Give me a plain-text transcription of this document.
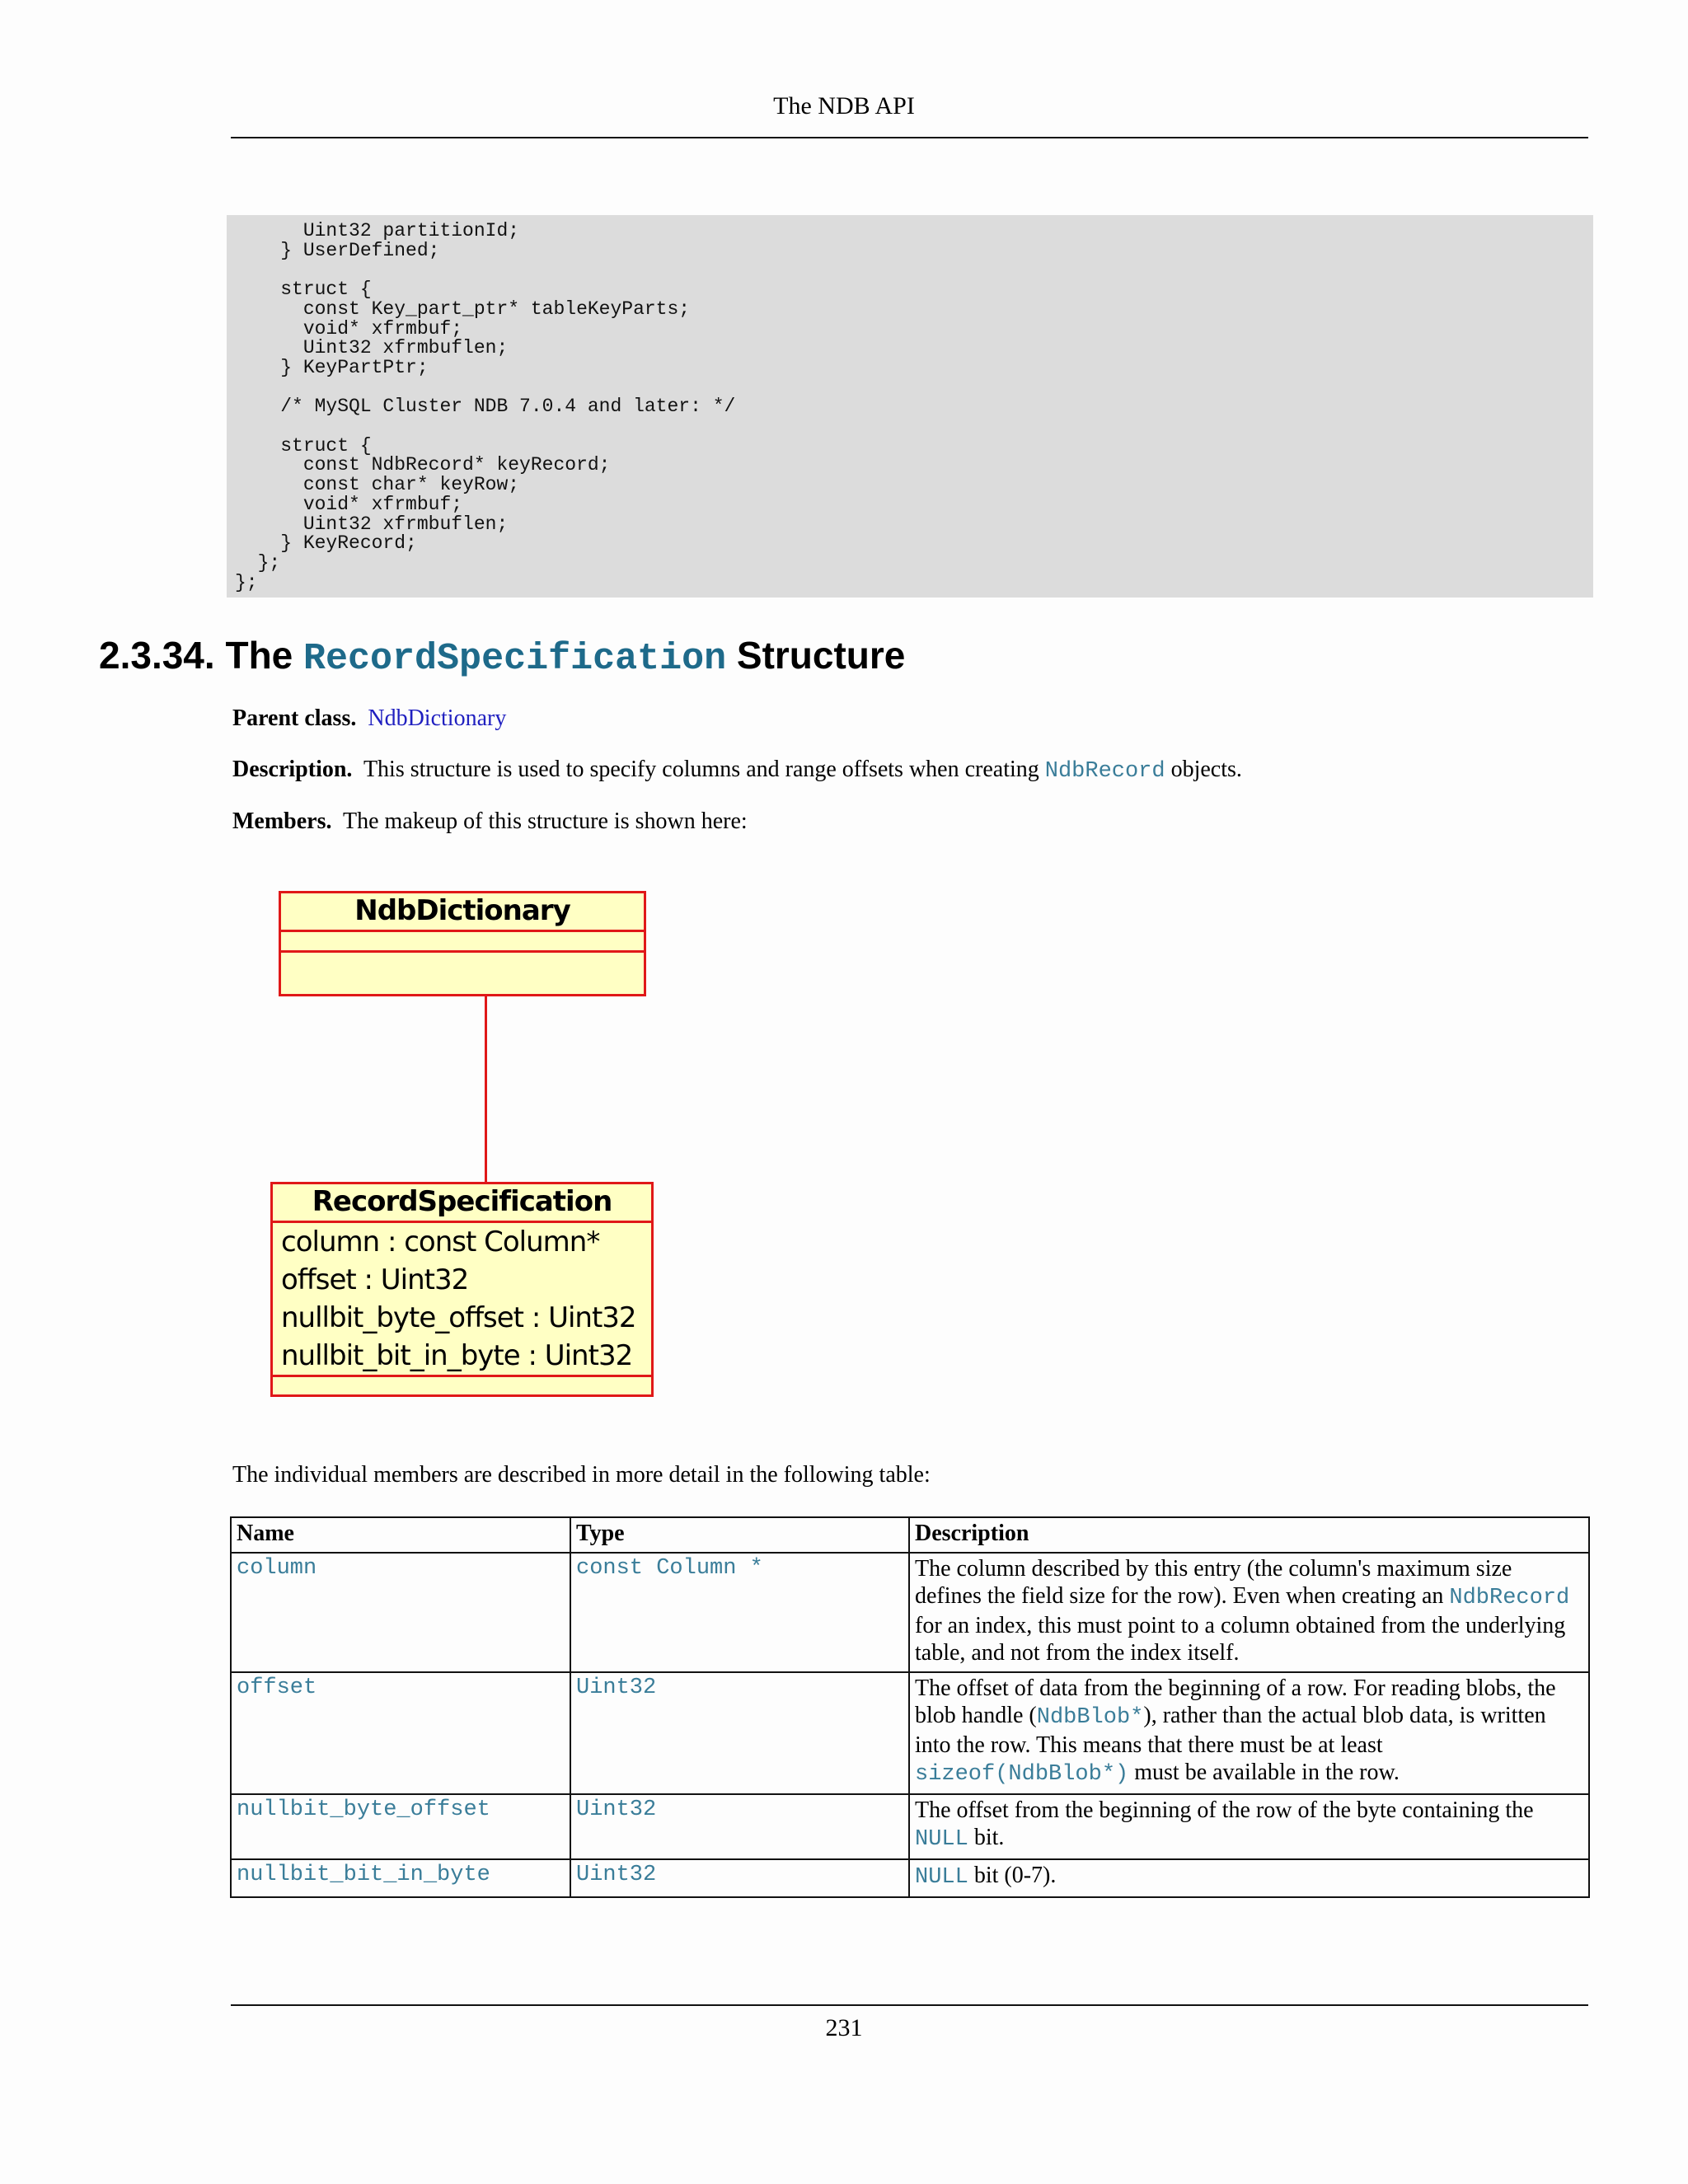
The NDB API
Uint32 partitionId;
} UserDefined;

struct {
const Key_part_ptr* tableKeyParts;
void* xfrmbuf;
Uint32 xfrmbuflen;
} KeyPartPtr;

/* MySQL Cluster NDB 7.0.4 and later: */

struct {
const NdbRecord* keyRecord;
const char* keyRow;
void* xfrmbuf;
Uint32 xfrmbuflen;
} KeyRecord;
};
};
2.3.34. The RecordSpecification Structure
Parent class. NdbDictionary
Description. This structure is used to specify columns and range offsets when creating NdbRecord objects.
Members. The makeup of this structure is shown here:
NdbDictionary
RecordSpecification
column : const Column*
offset : Uint32
nullbit_byte_offset : Uint32
nullbit_bit_in_byte : Uint32
The individual members are described in more detail in the following table:
Name	Type	Description
column	const Column *	The column described by this entry (the column's maximum size defines the field size for the row). Even when creating an NdbRecord for an index, this must point to a column obtained from the underlying table, and not from the index itself.
offset	Uint32	The offset of data from the beginning of a row. For reading blobs, the blob handle (NdbBlob*), rather than the actual blob data, is written into the row. This means that there must be at least sizeof(NdbBlob*) must be available in the row.
nullbit_byte_offset	Uint32	The offset from the beginning of the row of the byte containing the NULL bit.
nullbit_bit_in_byte	Uint32	NULL bit (0-7).
231
